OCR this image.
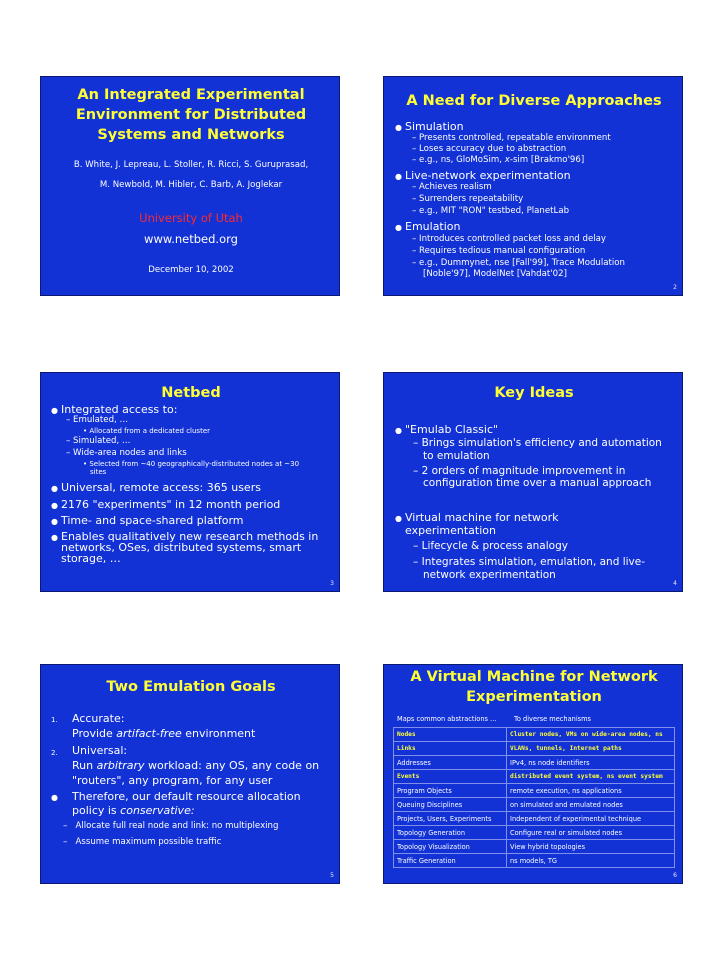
An Integrated Experimental
Environment for Distributed
Systems and Networks
B. White, J. Lepreau, L. Stoller, R. Ricci, S. Guruprasad,
M. Newbold, M. Hibler, C. Barb, A. Joglekar
University of Utah
www.netbed.org
December 10, 2002
A Need for Diverse Approaches
● Simulation
– Presents controlled, repeatable environment
– Loses accuracy due to abstraction
– e.g., ns, GloMoSim, x-sim [Brakmo'96]
● Live-network experimentation
– Achieves realism
– Surrenders repeatability
– e.g., MIT "RON" testbed, PlanetLab
● Emulation
– Introduces controlled packet loss and delay
– Requires tedious manual configuration
– e.g., Dummynet, nse [Fall'99], Trace Modulation
[Noble'97], ModelNet [Vahdat'02]
2
Netbed
● Integrated access to:
– Emulated, …
• Allocated from a dedicated cluster
– Simulated, …
– Wide-area nodes and links
• Selected from ~40 geographically-distributed nodes at ~30
sites
● Universal, remote access: 365 users
● 2176 "experiments" in 12 month period
● Time- and space-shared platform
● Enables qualitatively new research methods in
networks, OSes, distributed systems, smart
storage, …
3
Key Ideas
● "Emulab Classic"
– Brings simulation's efficiency and automation
to emulation
– 2 orders of magnitude improvement in
configuration time over a manual approach
● Virtual machine for network
experimentation
– Lifecycle & process analogy
– Integrates simulation, emulation, and live-
network experimentation
4
Two Emulation Goals
1. Accurate:
Provide artifact-free environment
2. Universal:
Run arbitrary workload: any OS, any code on
"routers", any program, for any user
● Therefore, our default resource allocation
policy is conservative:
–   Allocate full real node and link: no multiplexing
–   Assume maximum possible traffic
5
A Virtual Machine for Network
Experimentation
Maps common abstractions …	To diverse mechanisms
Nodes	Cluster nodes, VMs on wide-area nodes, ns
Links	VLANs, tunnels, Internet paths
Addresses	IPv4, ns node identifiers
Events	distributed event system, ns event system
Program Objects	remote execution, ns applications
Queuing Disciplines	on simulated and emulated nodes
Projects, Users, Experiments	Independent of experimental technique
Topology Generation	Configure real or simulated nodes
Topology Visualization	View hybrid topologies
Traffic Generation	ns models, TG
6
